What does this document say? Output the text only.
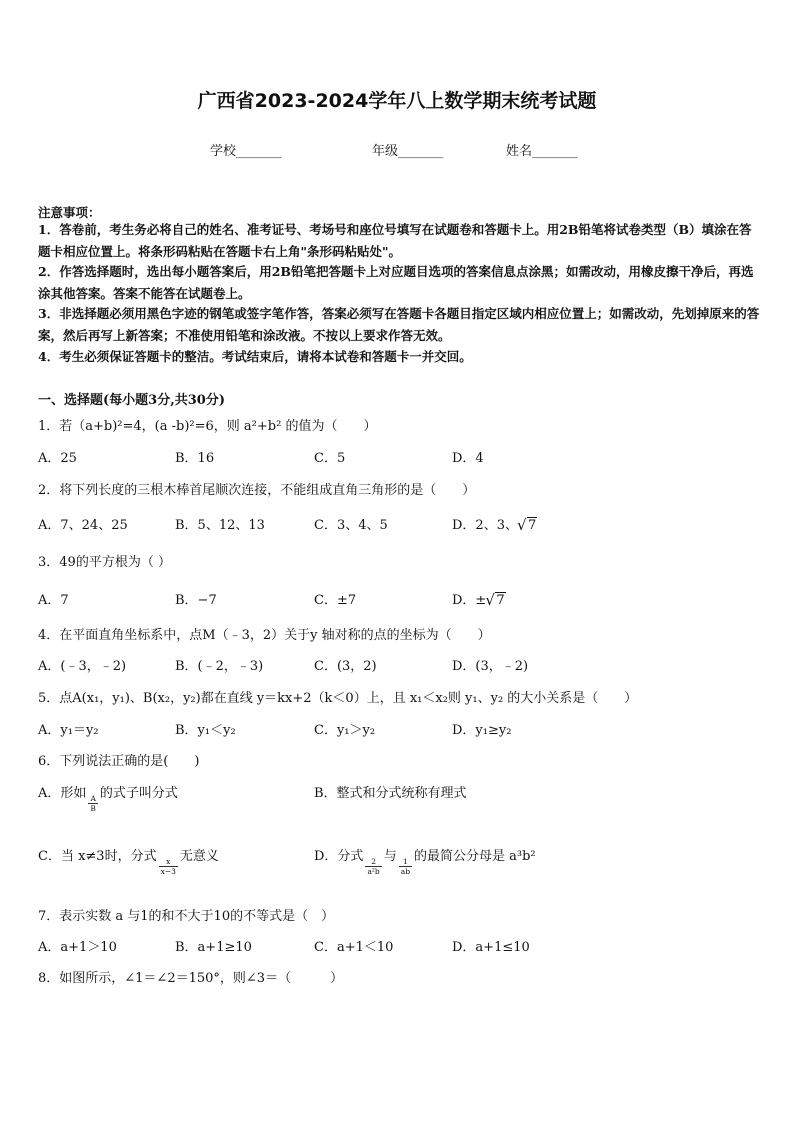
广西省2023-2024学年八上数学期末统考试题
学校_______	年级_______	姓名_______
注意事项：
1．答卷前，考生务必将自己的姓名、准考证号、考场号和座位号填写在试题卷和答题卡上。用2B铅笔将试卷类型（B）填涂在答题卡相应位置上。将条形码粘贴在答题卡右上角"条形码粘贴处"。
2．作答选择题时，选出每小题答案后，用2B铅笔把答题卡上对应题目选项的答案信息点涂黑；如需改动，用橡皮擦干净后，再选涂其他答案。答案不能答在试题卷上。
3．非选择题必须用黑色字迹的钢笔或签字笔作答，答案必须写在答题卡各题目指定区域内相应位置上；如需改动，先划掉原来的答案，然后再写上新答案；不准使用铅笔和涂改液。不按以上要求作答无效。
4．考生必须保证答题卡的整洁。考试结束后，请将本试卷和答题卡一并交回。
一、选择题(每小题3分,共30分)
1．若（a+b)²=4，(a -b)²=6，则 a²+b² 的值为（　　）
A．25	B．16	C．5	D．4
2．将下列长度的三根木棒首尾顺次连接，不能组成直角三角形的是（　　）
A．7、24、25	B．5、12、13	C．3、4、5	D．2、3、 √ 7
3．49的平方根为（ ）
A．7	B．−7	C．±7	D．± √ 7
4．在平面直角坐标系中，点M（﹣3，2）关于y 轴对称的点的坐标为（　　）
A．(﹣3，﹣2)	B．(﹣2，﹣3)	C．(3，2)	D．(3，﹣2)
5．点A(x₁，y₁)、B(x₂，y₂)都在直线 y＝kx+2（k＜0）上，且 x₁＜x₂则 y₁、y₂ 的大小关系是（　　）
A．y₁＝y₂	B．y₁＜y₂	C．y₁＞y₂	D．y₁≥y₂
6．下列说法正确的是(　　)
A．形如
$\frac{A}{B}$
的式子叫分式	B．整式和分式统称有理式
C．当 x≠3时，分式
$\frac{x}{x-3}$
无意义	D．分式
$\frac{2}{\text{a²b}}$
与
$\frac{1}{ab}$
的最简公分母是 a³b²
7．表示实数 a 与1的和不大于10的不等式是（　）
A．a+1＞10	B．a+1≥10	C．a+1＜10	D．a+1≤10
8．如图所示，∠1＝∠2＝150°，则∠3＝（　　　）
